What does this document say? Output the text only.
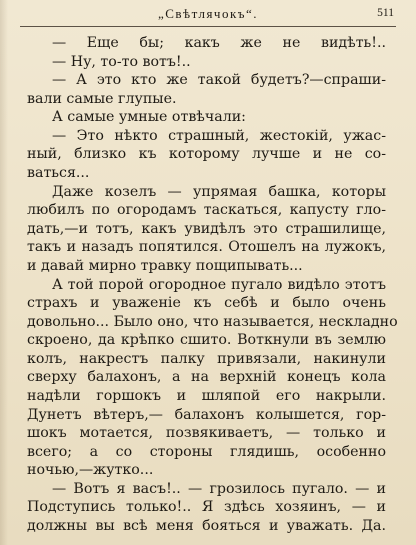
„Свѣтлячокъ“.	511
— Еще бы; какъ же не видѣть!..
— Ну, то-то вотъ!..
— А это кто же такой будетъ?—спраши-
вали самые глупые.
А самые умные отвѣчали:
— Это нѣкто страшный, жестокій, ужас-
ный, близко къ которому лучше и не со-
ваться...
Даже козелъ — упрямая башка, которы
любилъ по огородамъ таскаться, капусту гло-
дать,—и тотъ, какъ увидѣлъ это страшилище,
такъ и назадъ попятился. Отошелъ на лужокъ,
и давай мирно травку пощипывать...
А той порой огородное пугало видѣло этотъ
страхъ и уваженіе къ себѣ и было очень
довольно... Было оно, что называется, нескладно
скроено, да крѣпко сшито. Воткнули въ землю
колъ, накрестъ палку привязали, накинули
сверху балахонъ, а на верхній конецъ кола
надѣли горшокъ и шляпой его накрыли.
Дунетъ вѣтеръ,— балахонъ колышется, гор-
шокъ мотается, позвякиваетъ, — только и
всего; а со стороны глядишь, особенно
ночью,—жутко...
— Вотъ я васъ!.. — грозилось пугало. — и
Подступись только!.. Я здѣсь хозяинъ, — и
должны вы всѣ меня бояться и уважать. Да.
